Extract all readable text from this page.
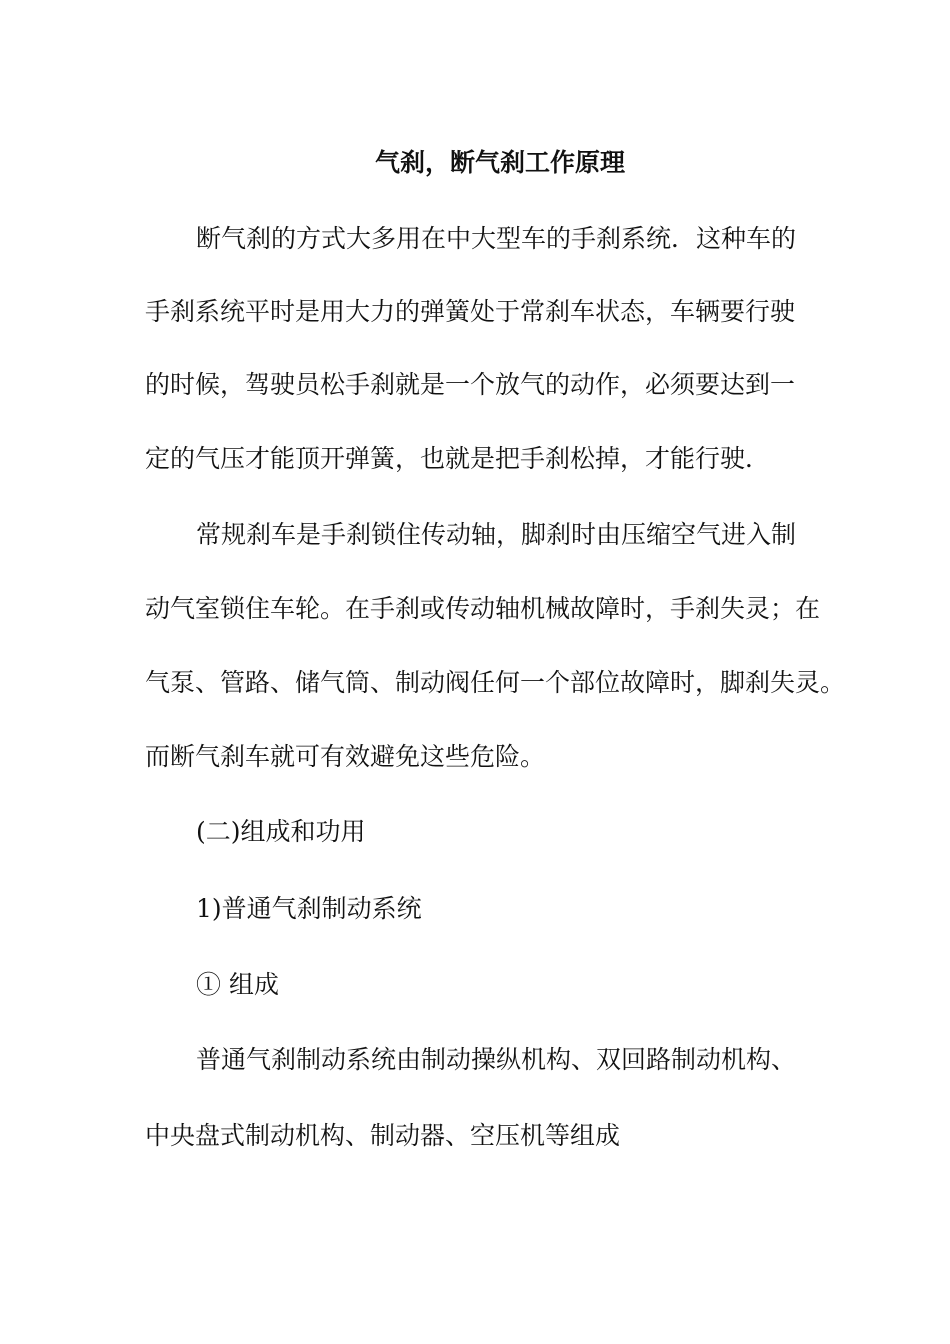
气刹，断气刹工作原理
断气刹的方式大多用在中大型车的手刹系统．这种车的
手刹系统平时是用大力的弹簧处于常刹车状态，车辆要行驶
的时候，驾驶员松手刹就是一个放气的动作，必须要达到一
定的气压才能顶开弹簧，也就是把手刹松掉，才能行驶．
常规刹车是手刹锁住传动轴，脚刹时由压缩空气进入制
动气室锁住车轮。在手刹或传动轴机械故障时，手刹失灵；在
气泵、管路、储气筒、制动阀任何一个部位故障时，脚刹失灵。
而断气刹车就可有效避免这些危险。
(二)组成和功用
1)普通气刹制动系统
① 组成
普通气刹制动系统由制动操纵机构、双回路制动机构、
中央盘式制动机构、制动器、空压机等组成
